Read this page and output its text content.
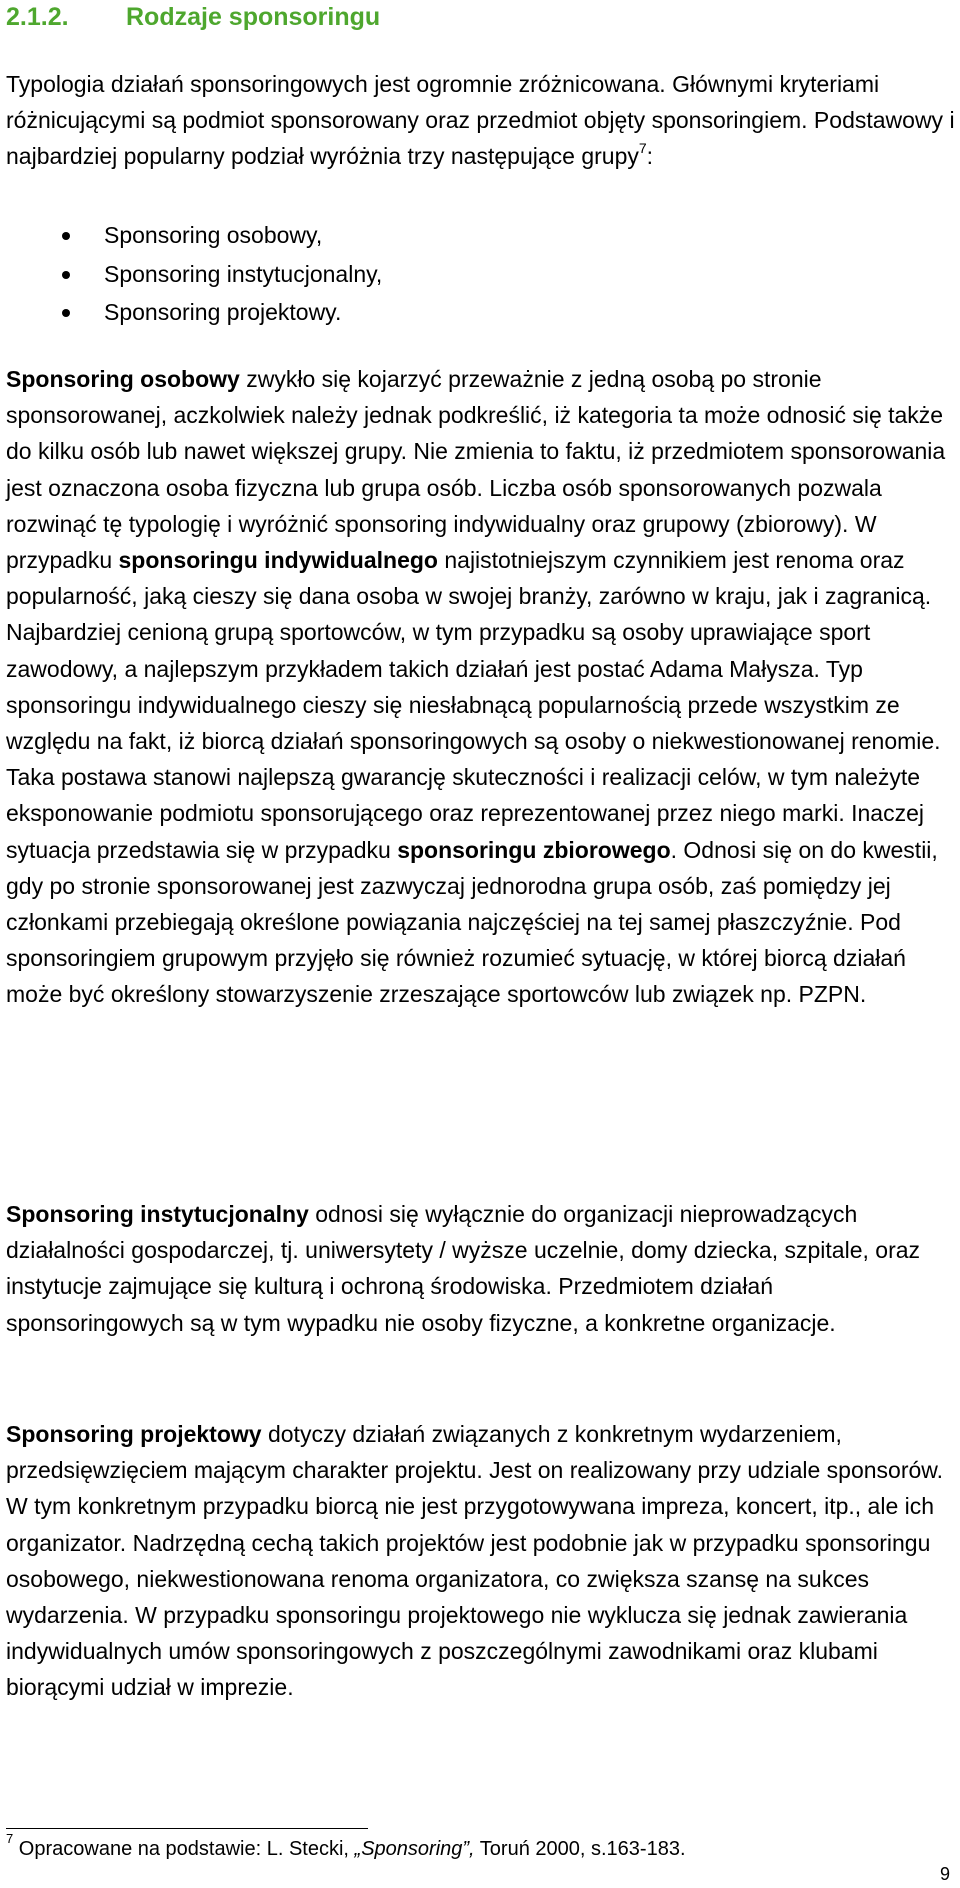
2.1.2. Rodzaje sponsoringu

Typologia działań sponsoringowych jest ogromnie zróżnicowana. Głównymi kryteriami różnicującymi są podmiot sponsorowany oraz przedmiot objęty sponsoringiem. Podstawowy i najbardziej popularny podział wyróżnia trzy następujące grupy$^7$:

Sponsoring osobowy,
Sponsoring instytucjonalny,
Sponsoring projektowy.

Sponsoring osobowy zwykło się kojarzyć przeważnie z jedną osobą po stronie sponsorowanej, aczkolwiek należy jednak podkreślić, iż kategoria ta może odnosić się także do kilku osób lub nawet większej grupy. Nie zmienia to faktu, iż przedmiotem sponsorowania jest oznaczona osoba fizyczna lub grupa osób. Liczba osób sponsorowanych pozwala rozwinąć tę typologię i wyróżnić sponsoring indywidualny oraz grupowy (zbiorowy). W przypadku sponsoringu indywidualnego najistotniejszym czynnikiem jest renoma oraz popularność, jaką cieszy się dana osoba w swojej branży, zarówno w kraju, jak i zagranicą. Najbardziej cenioną grupą sportowców, w tym przypadku są osoby uprawiające sport zawodowy, a najlepszym przykładem takich działań jest postać Adama Małysza. Typ sponsoringu indywidualnego cieszy się niesłabnącą popularnością przede wszystkim ze względu na fakt, iż biorcą działań sponsoringowych są osoby o niekwestionowanej renomie. Taka postawa stanowi najlepszą gwarancję skuteczności i realizacji celów, w tym należyte eksponowanie podmiotu sponsorującego oraz reprezentowanej przez niego marki. Inaczej sytuacja przedstawia się w przypadku sponsoringu zbiorowego. Odnosi się on do kwestii, gdy po stronie sponsorowanej jest zazwyczaj jednorodna grupa osób, zaś pomiędzy jej członkami przebiegają określone powiązania najczęściej na tej samej płaszczyźnie. Pod sponsoringiem grupowym przyjęło się również rozumieć sytuację, w której biorcą działań może być określony stowarzyszenie zrzeszające sportowców lub związek np. PZPN.

Sponsoring instytucjonalny odnosi się wyłącznie do organizacji nieprowadzących działalności gospodarczej, tj. uniwersytety / wyższe uczelnie, domy dziecka, szpitale, oraz instytucje zajmujące się kulturą i ochroną środowiska. Przedmiotem działań sponsoringowych są w tym wypadku nie osoby fizyczne, a konkretne organizacje.

Sponsoring projektowy dotyczy działań związanych z konkretnym wydarzeniem, przedsięwzięciem mającym charakter projektu. Jest on realizowany przy udziale sponsorów. W tym konkretnym przypadku biorcą nie jest przygotowywana impreza, koncert, itp., ale ich organizator. Nadrzędną cechą takich projektów jest podobnie jak w przypadku sponsoringu osobowego, niekwestionowana renoma organizatora, co zwiększa szansę na sukces wydarzenia. W przypadku sponsoringu projektowego nie wyklucza się jednak zawierania indywidualnych umów sponsoringowych z poszczególnymi zawodnikami oraz klubami biorącymi udział w imprezie.

$^7$ Opracowane na podstawie: L. Stecki, „Sponsoring”, Toruń 2000, s.163-183.
9
